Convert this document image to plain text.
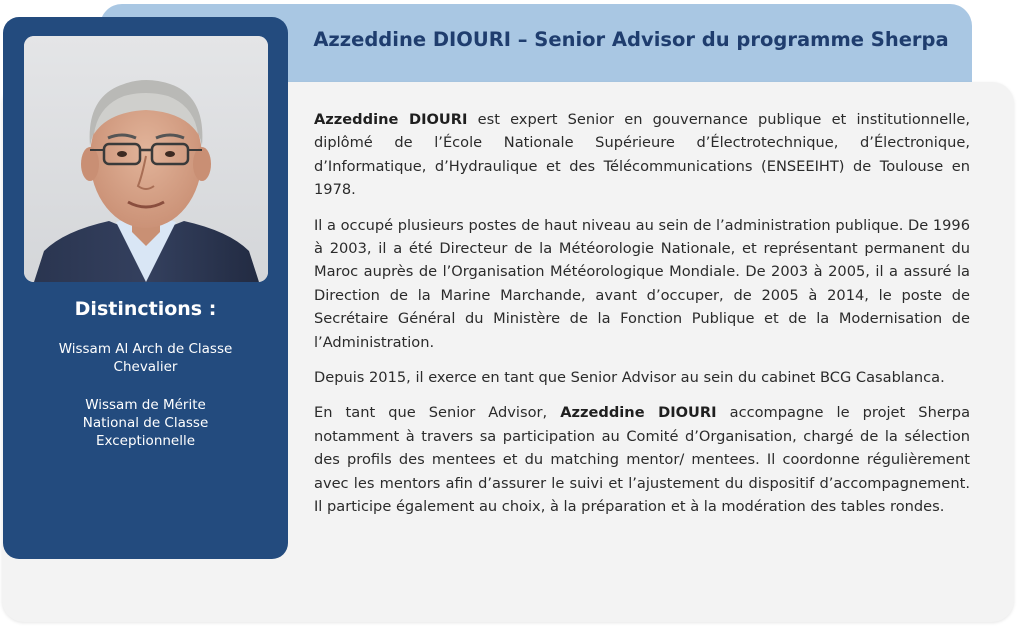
Azzeddine DIOURI – Senior Advisor du programme Sherpa
Distinctions :
Wissam Al Arch de Classe Chevalier
Wissam de Mérite National de Classe Exceptionnelle

Azzeddine DIOURI est expert Senior en gouvernance publique et institutionnelle, diplômé de l’École Nationale Supérieure d’Électrotechnique, d’Électronique, d’Informatique, d’Hydraulique et des Télécommunications (ENSEEIHT) de Toulouse en 1978.

Il a occupé plusieurs postes de haut niveau au sein de l’administration publique. De 1996 à 2003, il a été Directeur de la Météorologie Nationale, et représentant permanent du Maroc auprès de l’Organisation Météorologique Mondiale. De 2003 à 2005, il a assuré la Direction de la Marine Marchande, avant d’occuper, de 2005 à 2014, le poste de Secrétaire Général du Ministère de la Fonction Publique et de la Modernisation de l’Administration.

Depuis 2015, il exerce en tant que Senior Advisor au sein du cabinet BCG Casablanca.

En tant que Senior Advisor, Azzeddine DIOURI accompagne le projet Sherpa notamment à travers sa participation au Comité d’Organisation, chargé de la sélection des profils des mentees et du matching mentor/ mentees. Il coordonne régulièrement avec les mentors afin d’assurer le suivi et l’ajustement du dispositif d’accompagnement. Il participe également au choix, à la préparation et à la modération des tables rondes.
